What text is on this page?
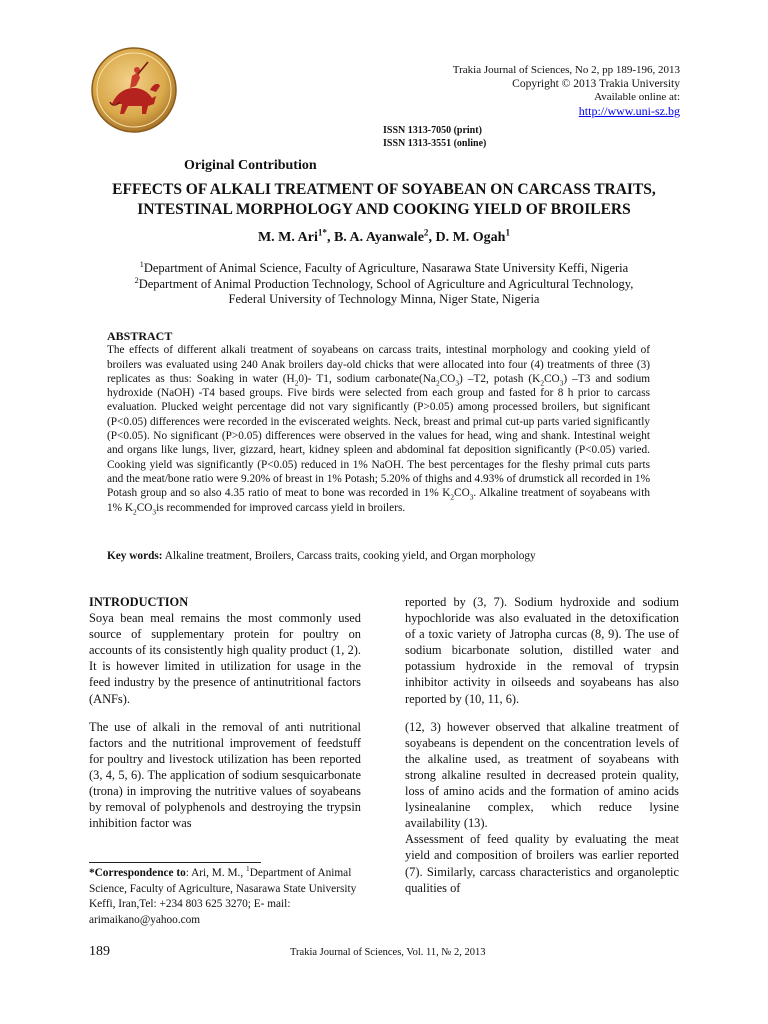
Trakia Journal of Sciences, No 2, pp 189-196, 2013
Copyright © 2013 Trakia University
Available online at:
http://www.uni-sz.bg
ISSN 1313-7050 (print)
ISSN 1313-3551 (online)
Original Contribution
EFFECTS OF ALKALI TREATMENT OF SOYABEAN ON CARCASS TRAITS,
INTESTINAL MORPHOLOGY AND COOKING YIELD OF BROILERS
M. M. Ari$^{1*}$, B. A. Ayanwale$^2$, D. M. Ogah$^1$
$^1$Department of Animal Science, Faculty of Agriculture, Nasarawa State University Keffi, Nigeria
$^2$Department of Animal Production Technology, School of Agriculture and Agricultural Technology,
Federal University of Technology Minna, Niger State, Nigeria
ABSTRACT
The effects of different alkali treatment of soyabeans on carcass traits, intestinal morphology and cooking yield of broilers was evaluated using 240 Anak broilers day-old chicks that were allocated into four (4) treatments of three (3) replicates as thus: Soaking in water $(H_20)-$ T1, sodium $carbonate(Na_2CO_3)$ –T2, potash $(K_2CO_3)$ –T3 and sodium hydroxide (NaOH) -T4 based groups. Five birds were selected from each group and fasted for 8 h prior to carcass evaluation. Plucked weight percentage did not vary significantly (P>0.05) among processed broilers, but significant (P<0.05) differences were recorded in the eviscerated weights. Neck, breast and primal cut-up parts varied significantly (P<0.05). No significant (P>0.05) differences were observed in the values for head, wing and shank. Intestinal weight and organs like lungs, liver, gizzard, heart, kidney spleen and abdominal fat deposition significantly (P<0.05) varied. Cooking yield was significantly (P<0.05) reduced in 1% NaOH. The best percentages for the fleshy primal cuts parts and the meat/bone ratio were 9.20% of breast in 1% Potash; 5.20% of thighs and 4.93% of drumstick all recorded in 1% Potash group and so also 4.35 ratio of meat to bone was recorded in 1% $K_2CO_3$. Alkaline treatment of soyabeans with 1% $K_2CO_3is$ recommended for improved carcass yield in broilers.
Key words: Alkaline treatment, Broilers, Carcass traits, cooking yield, and Organ morphology
INTRODUCTION

Soya bean meal remains the most commonly used source of supplementary protein for poultry on accounts of its consistently high quality product (1, 2). It is however limited in utilization for usage in the feed industry by the presence of antinutritional factors (ANFs).

The use of alkali in the removal of anti nutritional factors and the nutritional improvement of feedstuff for poultry and livestock utilization has been reported (3, 4, 5, 6). The application of sodium sesquicarbonate (trona) in improving the nutritive values of soyabeans by removal of polyphenols and destroying the trypsin inhibition factor was

reported by (3, 7). Sodium hydroxide and sodium hypochloride was also evaluated in the detoxification of a toxic variety of Jatropha curcas (8, 9). The use of sodium bicarbonate solution, distilled water and potassium hydroxide in the removal of trypsin inhibitor activity in oilseeds and soyabeans has also reported by (10, 11, 6).

(12, 3) however observed that alkaline treatment of soyabeans is dependent on the concentration levels of the alkaline used, as treatment of soyabeans with strong alkaline resulted in decreased protein quality, loss of amino acids and the formation of amino acids lysinealanine complex, which reduce lysine availability (13).

Assessment of feed quality by evaluating the meat yield and composition of broilers was earlier reported (7). Similarly, carcass characteristics and organoleptic qualities of

*Correspondence to: Ari, M. M., $^1$Department of Animal Science, Faculty of Agriculture, Nasarawa State University Keffi, Iran,Tel: +234 803 625 3270; E- mail: arimaikano@yahoo.com
189	Trakia Journal of Sciences, Vol. 11, № 2, 2013
